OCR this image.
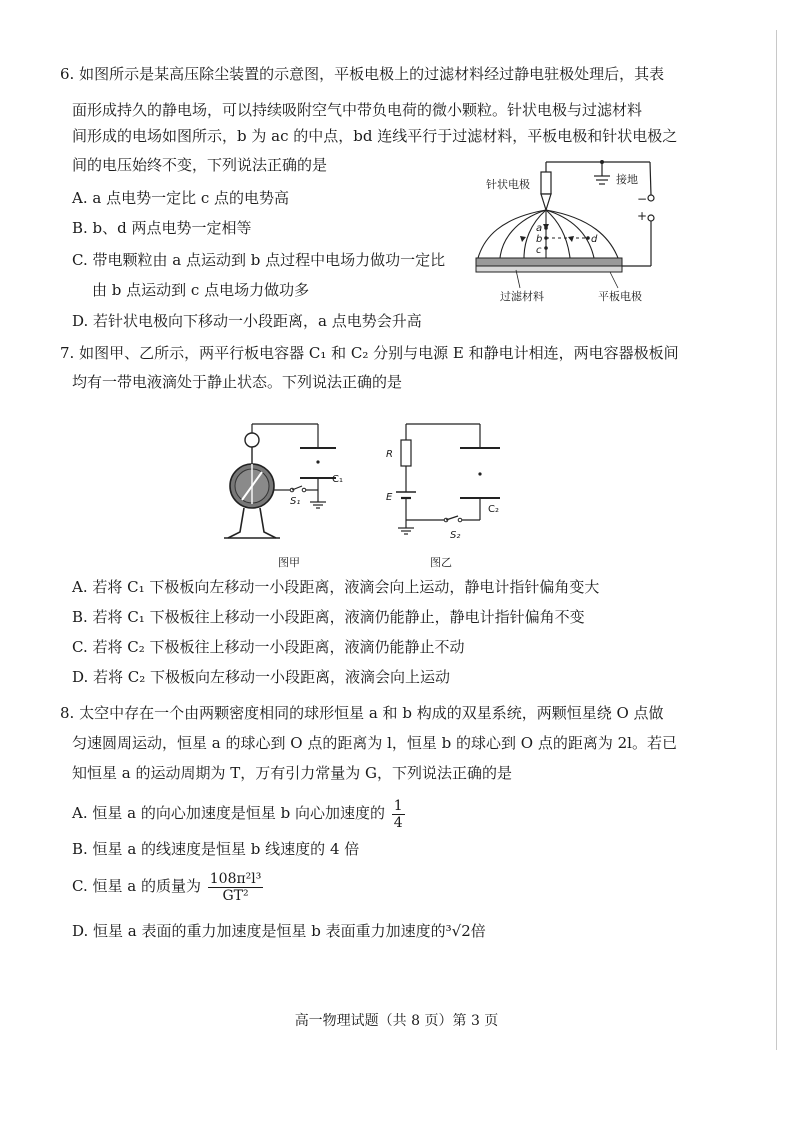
6. 如图所示是某高压除尘装置的示意图，平板电极上的过滤材料经过静电驻极处理后，其表
面形成持久的静电场，可以持续吸附空气中带负电荷的微小颗粒。针状电极与过滤材料
间形成的电场如图所示，b 为 ac 的中点，bd 连线平行于过滤材料，平板电极和针状电极之
间的电压始终不变，下列说法正确的是
A. a 点电势一定比 c 点的电势高
B. b、d 两点电势一定相等
C. 带电颗粒由 a 点运动到 b 点过程中电场力做功一定比
由 b 点运动到 c 点电场力做功多
D. 若针状电极向下移动一小段距离，a 点电势会升高
a
b
c
d
针状电极	接地
−
+
过滤材料	平板电极
7. 如图甲、乙所示，两平行板电容器 C₁ 和 C₂ 分别与电源 E 和静电计相连，两电容器极板间
均有一带电液滴处于静止状态。下列说法正确的是
C₁
S₁
图甲
R
E
C₂
S₂
图乙
A. 若将 C₁ 下极板向左移动一小段距离，液滴会向上运动，静电计指针偏角变大
B. 若将 C₁ 下极板往上移动一小段距离，液滴仍能静止，静电计指针偏角不变
C. 若将 C₂ 下极板往上移动一小段距离，液滴仍能静止不动
D. 若将 C₂ 下极板向左移动一小段距离，液滴会向上运动
8. 太空中存在一个由两颗密度相同的球形恒星 a 和 b 构成的双星系统，两颗恒星绕 O 点做
匀速圆周运动，恒星 a 的球心到 O 点的距离为 l，恒星 b 的球心到 O 点的距离为 2l。若已
知恒星 a 的运动周期为 T，万有引力常量为 G，下列说法正确的是
A. 恒星 a 的向心加速度是恒星 b 向心加速度的 $\frac{1}{4}$
B. 恒星 a 的线速度是恒星 b 线速度的 4 倍
C. 恒星 a 的质量为 $\frac{\text{108π²l³}}{\text{GT²}}$
D. 恒星 a 表面的重力加速度是恒星 b 表面重力加速度的³√2倍
高一物理试题（共 8 页）第 3 页
